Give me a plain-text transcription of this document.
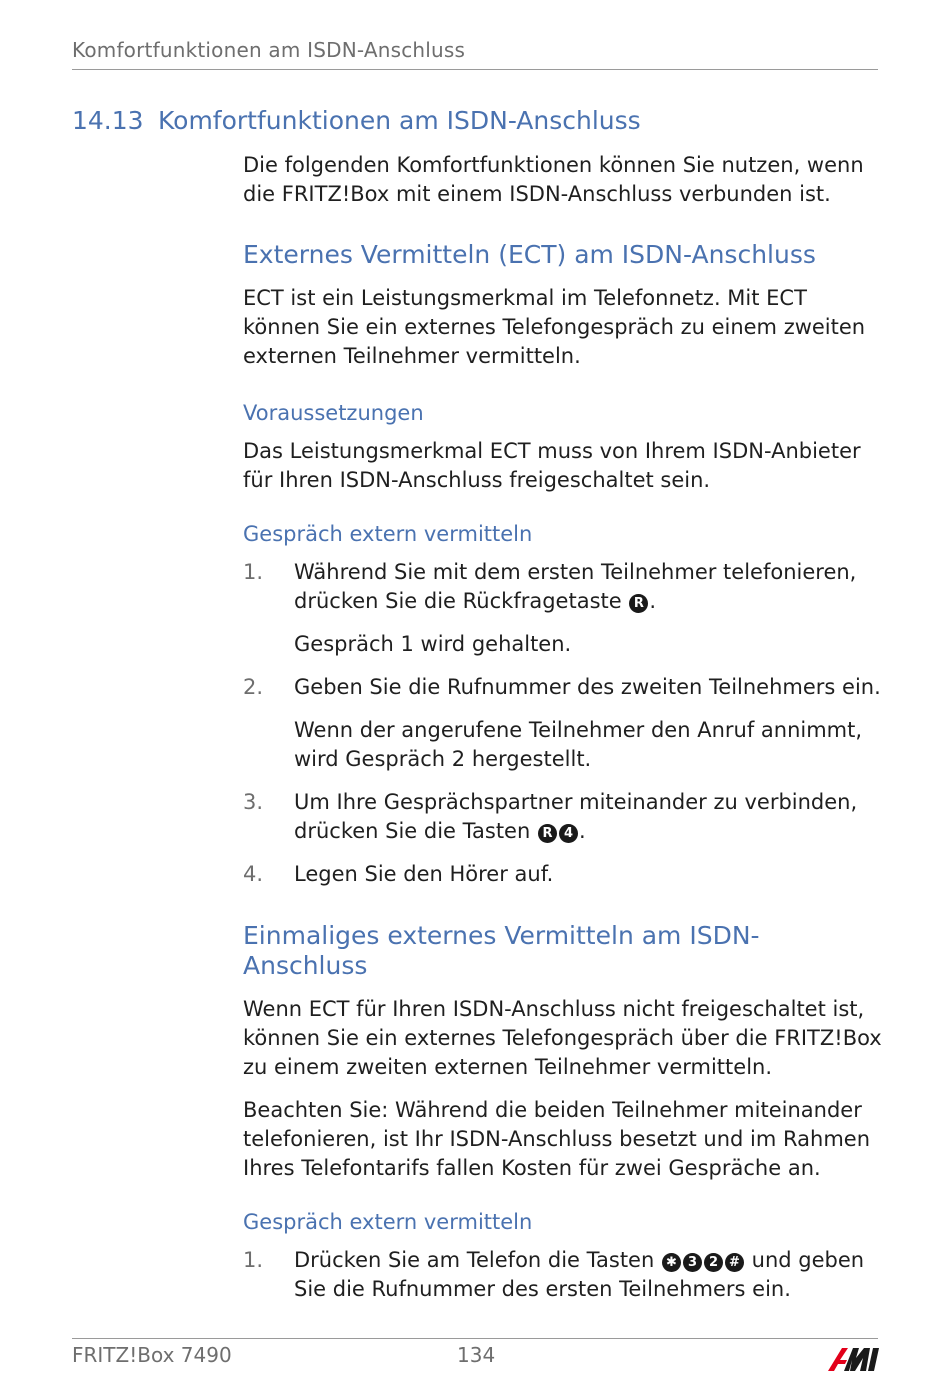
Komfortfunktionen am ISDN-Anschluss
14.13 Komfortfunktionen am ISDN-Anschluss

Die folgenden Komfortfunktionen können Sie nutzen, wenn die FRITZ!Box mit einem ISDN-Anschluss verbunden ist.

Externes Vermitteln (ECT) am ISDN-Anschluss

ECT ist ein Leistungsmerkmal im Telefonnetz. Mit ECT können Sie ein externes Telefongespräch zu einem zweiten externen Teilnehmer vermitteln.

Voraussetzungen

Das Leistungsmerkmal ECT muss von Ihrem ISDN-Anbieter für Ihren ISDN-Anschluss freigeschaltet sein.

Gespräch extern vermitteln
1. Während Sie mit dem ersten Teilnehmer telefonieren, drücken Sie die Rückfragetaste R .

Gespräch 1 wird gehalten.

2. Geben Sie die Rufnummer des zweiten Teilnehmers ein.

Wenn der angerufene Teilnehmer den Anruf annimmt, wird Gespräch 2 hergestellt.

3. Um Ihre Gesprächspartner miteinander zu verbinden, drücken Sie die Tasten R 4 .

4. Legen Sie den Hörer auf.

Einmaliges externes Vermitteln am ISDN-Anschluss

Wenn ECT für Ihren ISDN-Anschluss nicht freigeschaltet ist, können Sie ein externes Telefongespräch über die FRITZ!Box zu einem zweiten externen Teilnehmer vermitteln.

Beachten Sie: Während die beiden Teilnehmer miteinander telefonieren, ist Ihr ISDN-Anschluss besetzt und im Rahmen Ihres Telefontarifs fallen Kosten für zwei Gespräche an.

Gespräch extern vermitteln
1. Drücken Sie am Telefon die Tasten ✱ 3 2 # und geben Sie die Rufnummer des ersten Teilnehmers ein.

FRITZ!Box 7490	134
